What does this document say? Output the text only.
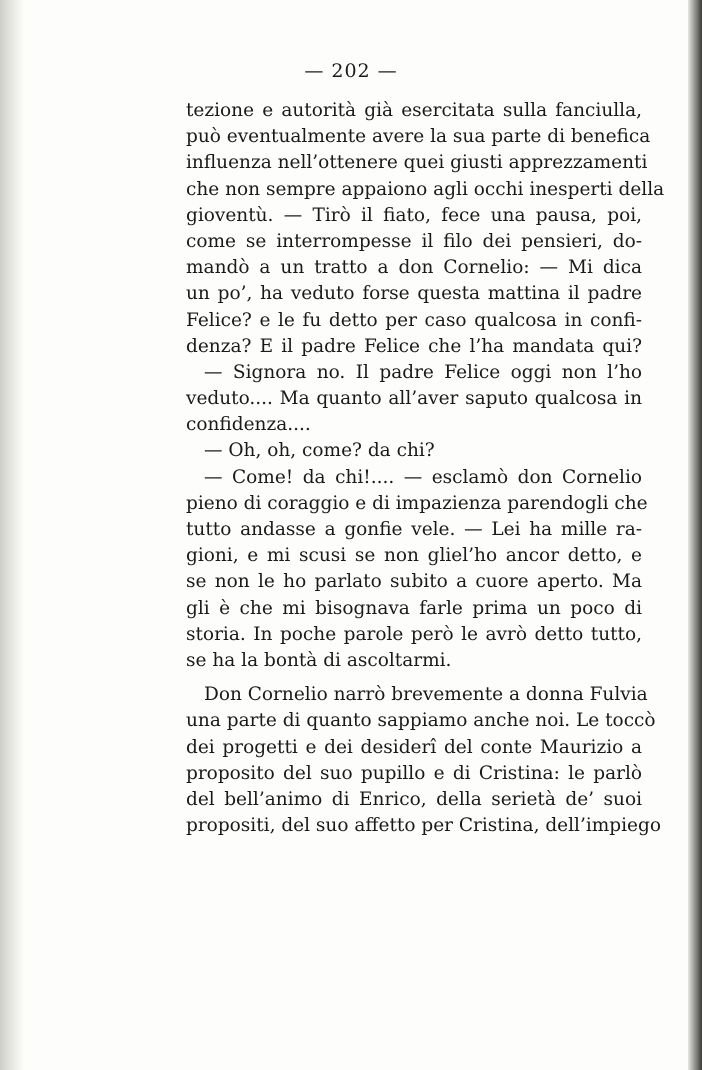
— 202 —
tezione e autorità già esercitata sulla fanciulla,
può eventualmente avere la sua parte di benefica
influenza nell’ottenere quei giusti apprezzamenti
che non sempre appaiono agli occhi inesperti della
gioventù. — Tirò il fiato, fece una pausa, poi,
come se interrompesse il filo dei pensieri, do-
mandò a un tratto a don Cornelio: — Mi dica
un po’, ha veduto forse questa mattina il padre
Felice? e le fu detto per caso qualcosa in confi-
denza? E il padre Felice che l’ha mandata qui?
— Signora no. Il padre Felice oggi non l’ho
veduto.... Ma quanto all’aver saputo qualcosa in
confidenza....
— Oh, oh, come? da chi?
— Come! da chi!.... — esclamò don Cornelio
pieno di coraggio e di impazienza parendogli che
tutto andasse a gonfie vele. — Lei ha mille ra-
gioni, e mi scusi se non gliel’ho ancor detto, e
se non le ho parlato subito a cuore aperto. Ma
gli è che mi bisognava farle prima un poco di
storia. In poche parole però le avrò detto tutto,
se ha la bontà di ascoltarmi.
Don Cornelio narrò brevemente a donna Fulvia
una parte di quanto sappiamo anche noi. Le toccò
dei progetti e dei desiderî del conte Maurizio a
proposito del suo pupillo e di Cristina: le parlò
del bell’animo di Enrico, della serietà de’ suoi
propositi, del suo affetto per Cristina, dell’impiego
